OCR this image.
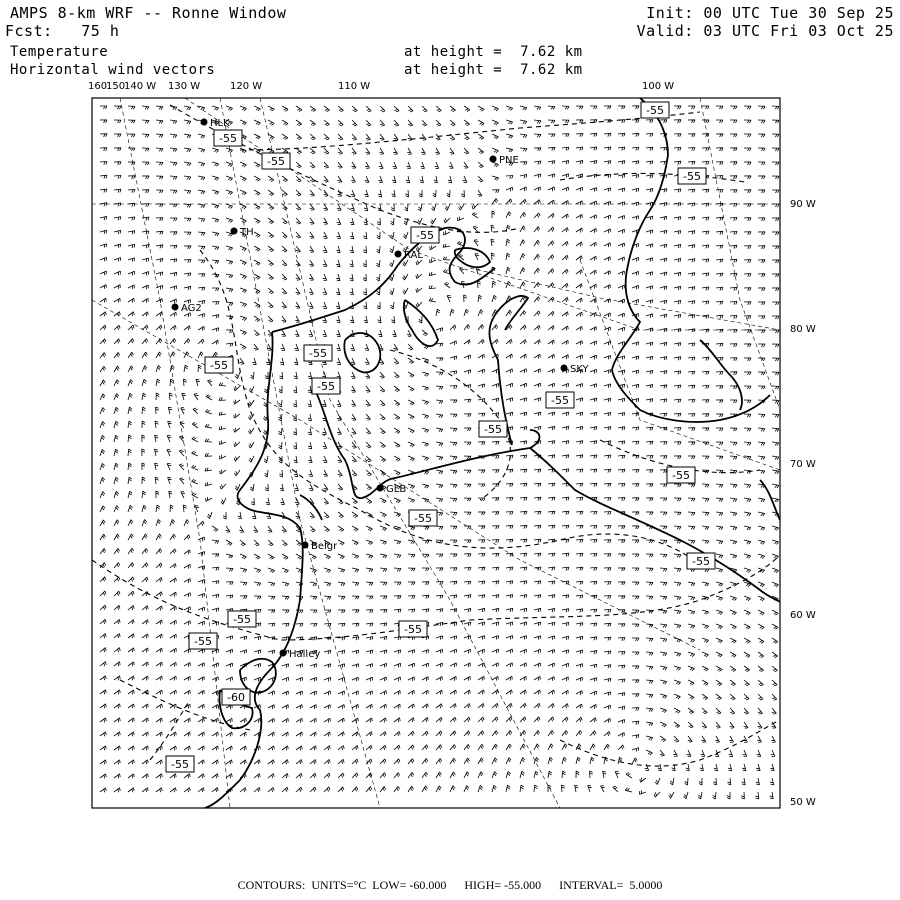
AMPS 8-km WRF -- Ronne Window
Fcst:   75 h
Init: 00 UTC Tue 30 Sep 25
Valid: 03 UTC Fri 03 Oct 25
Temperature	at height =  7.62 km
Horizontal wind vectors	at height =  7.62 km
160
150
140 W 130 W	120 W	110 W	100 W
90 W
80 W
70 W
60 W
50 W
HLK
PNE
RAL
TH
AG2
SKY
GLB
Belgr
Halley
-55
-55
-55
-55
-55
-55
-55
-55
-55
-55
-55
-55
-55
-55
-60
-55
-55
-55
CONTOURS:  UNITS=°C  LOW= -60.000      HIGH= -55.000      INTERVAL=  5.0000
